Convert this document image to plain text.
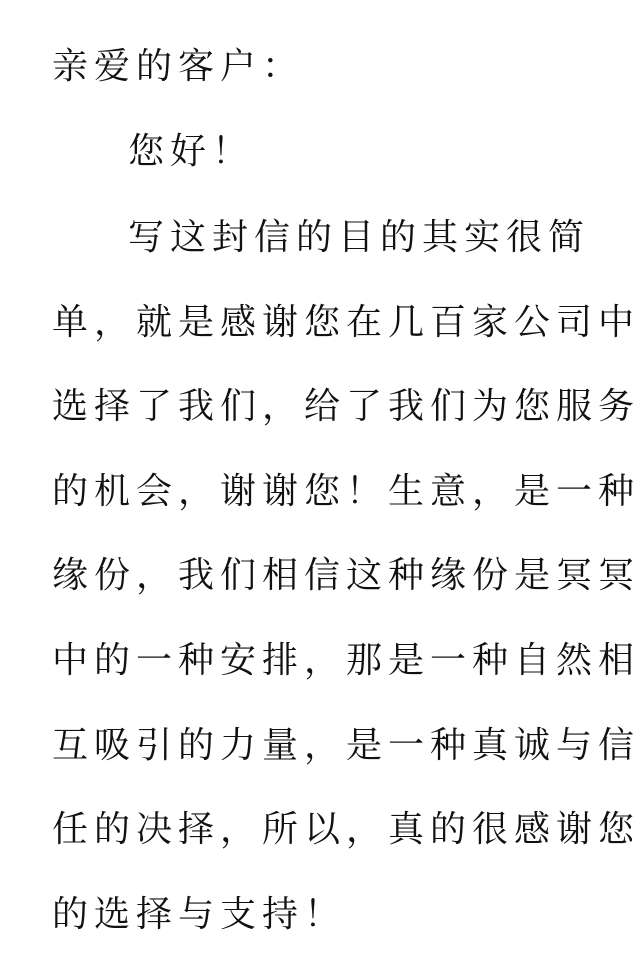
亲爱的客户：
您好！
写这封信的目的其实很简
单，就是感谢您在几百家公司中
选择了我们，给了我们为您服务
的机会，谢谢您！生意，是一种
缘份，我们相信这种缘份是冥冥
中的一种安排，那是一种自然相
互吸引的力量，是一种真诚与信
任的决择，所以，真的很感谢您
的选择与支持！
